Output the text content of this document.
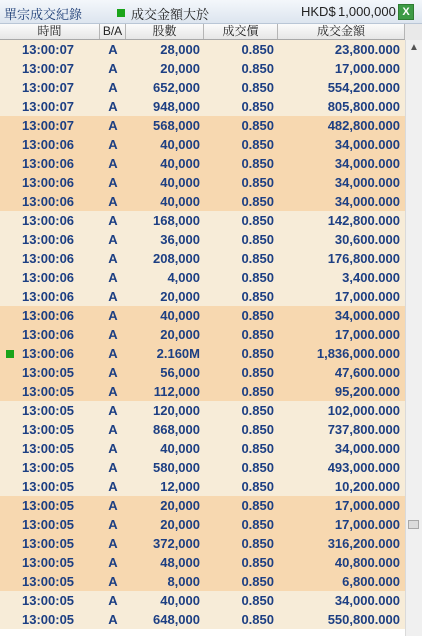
單宗成交紀錄	成交金額大於	HKD$ 1,000,000 X
時間	B/A	股數	成交價	成交金額
13:00:07	A	28,000	0.850	23,800.000
13:00:07	A	20,000	0.850	17,000.000
13:00:07	A	652,000	0.850	554,200.000
13:00:07	A	948,000	0.850	805,800.000
13:00:07	A	568,000	0.850	482,800.000
13:00:06	A	40,000	0.850	34,000.000
13:00:06	A	40,000	0.850	34,000.000
13:00:06	A	40,000	0.850	34,000.000
13:00:06	A	40,000	0.850	34,000.000
13:00:06	A	168,000	0.850	142,800.000
13:00:06	A	36,000	0.850	30,600.000
13:00:06	A	208,000	0.850	176,800.000
13:00:06	A	4,000	0.850	3,400.000
13:00:06	A	20,000	0.850	17,000.000
13:00:06	A	40,000	0.850	34,000.000
13:00:06	A	20,000	0.850	17,000.000
13:00:06	A	2.160M	0.850	1,836,000.000
13:00:05	A	56,000	0.850	47,600.000
13:00:05	A	112,000	0.850	95,200.000
13:00:05	A	120,000	0.850	102,000.000
13:00:05	A	868,000	0.850	737,800.000
13:00:05	A	40,000	0.850	34,000.000
13:00:05	A	580,000	0.850	493,000.000
13:00:05	A	12,000	0.850	10,200.000
13:00:05	A	20,000	0.850	17,000.000
13:00:05	A	20,000	0.850	17,000.000
13:00:05	A	372,000	0.850	316,200.000
13:00:05	A	48,000	0.850	40,800.000
13:00:05	A	8,000	0.850	6,800.000
13:00:05	A	40,000	0.850	34,000.000
13:00:05	A	648,000	0.850	550,800.000
▲
